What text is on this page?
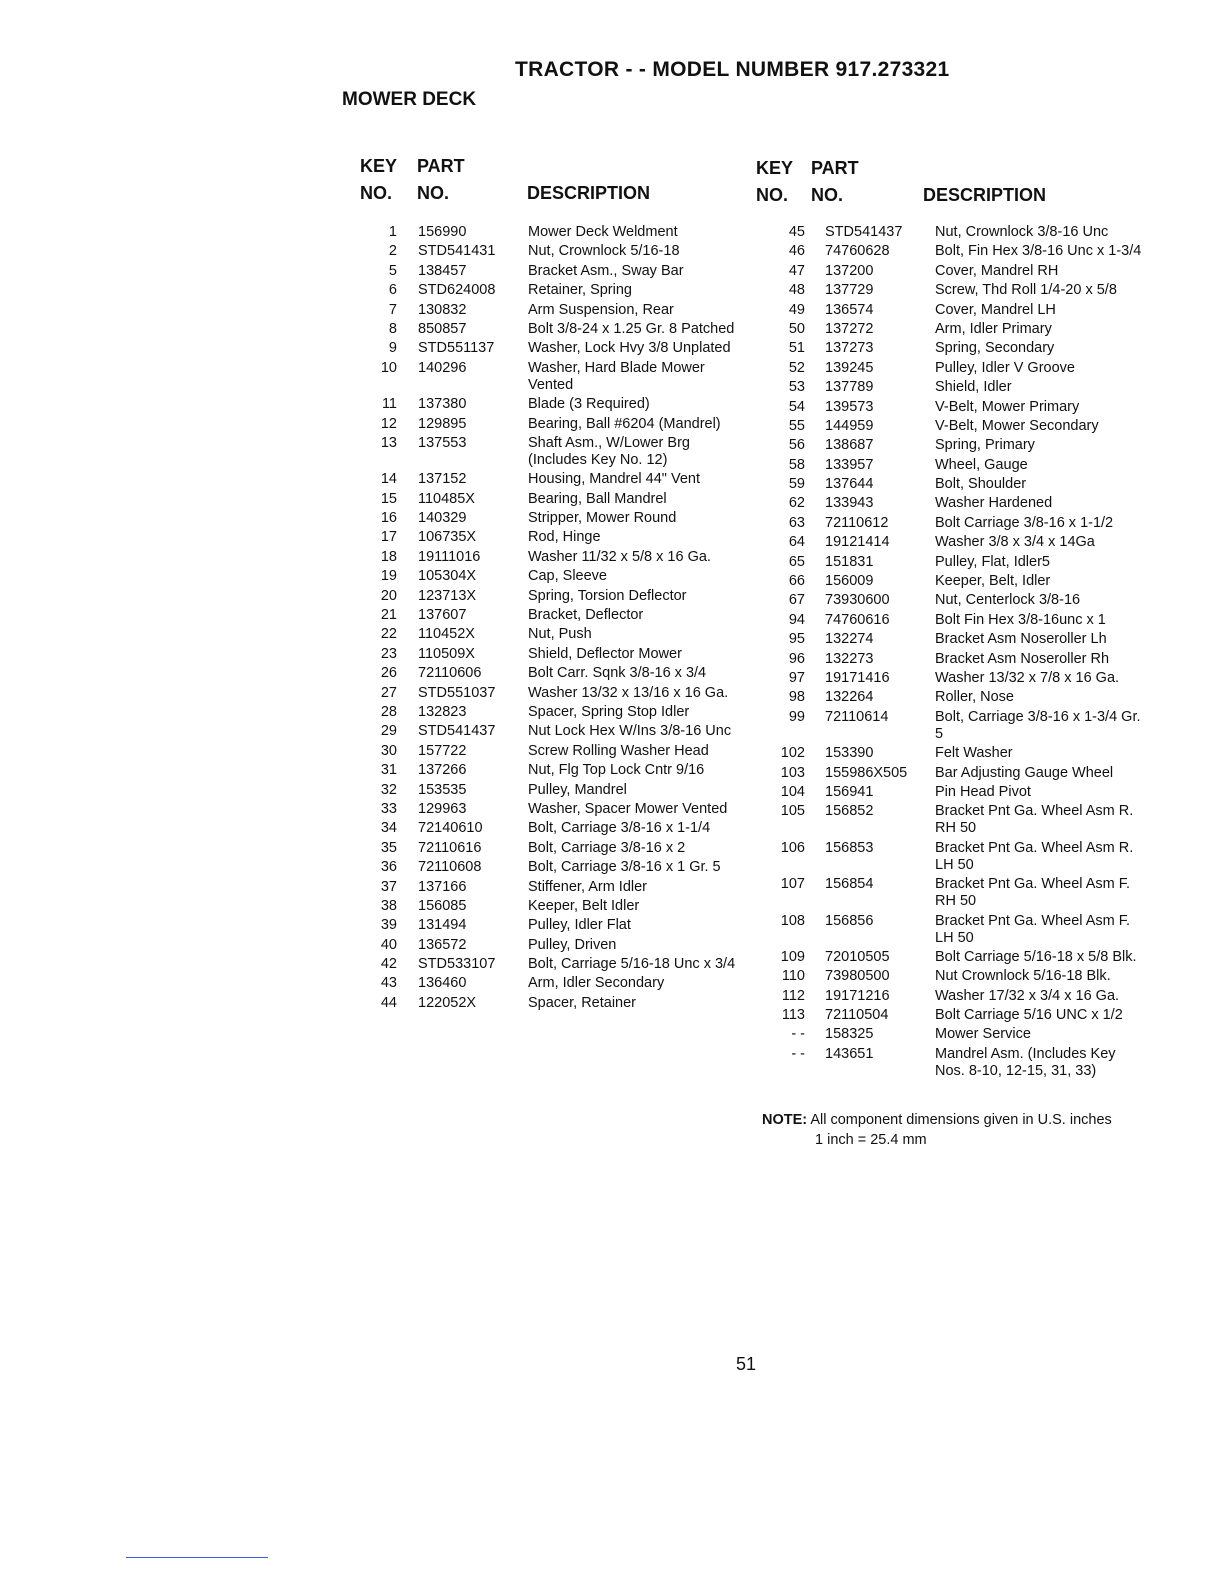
TRACTOR - - MODEL NUMBER 917.273321
MOWER DECK
KEY
NO.
PART
NO.	DESCRIPTION
1 156990	Mower Deck Weldment
2 STD541431	Nut, Crownlock 5/16-18
5 138457	Bracket Asm., Sway Bar
6 STD624008	Retainer, Spring
7 130832	Arm Suspension, Rear
8 850857	Bolt 3/8-24 x 1.25 Gr. 8 Patched
9 STD551137	Washer, Lock Hvy 3/8 Unplated
10 140296	Washer, Hard Blade Mower Vented
11 137380	Blade (3 Required)
12 129895	Bearing, Ball #6204 (Mandrel)
13 137553	Shaft Asm., W/Lower Brg (Includes Key No. 12)
14 137152	Housing, Mandrel 44" Vent
15 110485X	Bearing, Ball Mandrel
16 140329	Stripper, Mower Round
17 106735X	Rod, Hinge
18 19111016	Washer 11/32 x 5/8 x 16 Ga.
19 105304X	Cap, Sleeve
20 123713X	Spring, Torsion Deflector
21 137607	Bracket, Deflector
22 110452X	Nut, Push
23 110509X	Shield, Deflector Mower
26 72110606	Bolt Carr. Sqnk 3/8-16 x 3/4
27 STD551037	Washer 13/32 x 13/16 x 16 Ga.
28 132823	Spacer, Spring Stop Idler
29 STD541437	Nut Lock Hex W/Ins 3/8-16 Unc
30 157722	Screw Rolling Washer Head
31 137266	Nut, Flg Top Lock Cntr 9/16
32 153535	Pulley, Mandrel
33 129963	Washer, Spacer Mower Vented
34 72140610	Bolt, Carriage 3/8-16 x 1-1/4
35 72110616	Bolt, Carriage 3/8-16 x 2
36 72110608	Bolt, Carriage 3/8-16 x 1 Gr. 5
37 137166	Stiffener, Arm Idler
38 156085	Keeper, Belt Idler
39 131494	Pulley, Idler Flat
40 136572	Pulley, Driven
42 STD533107	Bolt, Carriage 5/16-18 Unc x 3/4
43 136460	Arm, Idler Secondary
44 122052X	Spacer, Retainer
KEY
NO.
PART
NO.	DESCRIPTION
45 STD541437	Nut, Crownlock 3/8-16 Unc
46 74760628	Bolt, Fin Hex 3/8-16 Unc x 1-3/4
47 137200	Cover, Mandrel RH
48 137729	Screw, Thd Roll 1/4-20 x 5/8
49 136574	Cover, Mandrel LH
50 137272	Arm, Idler Primary
51 137273	Spring, Secondary
52 139245	Pulley, Idler V Groove
53 137789	Shield, Idler
54 139573	V-Belt, Mower Primary
55 144959	V-Belt, Mower Secondary
56 138687	Spring, Primary
58 133957	Wheel, Gauge
59 137644	Bolt, Shoulder
62 133943	Washer Hardened
63 72110612	Bolt Carriage 3/8-16 x 1-1/2
64 19121414	Washer 3/8 x 3/4 x 14Ga
65 151831	Pulley, Flat, Idler5
66 156009	Keeper, Belt, Idler
67 73930600	Nut, Centerlock 3/8-16
94 74760616	Bolt Fin Hex 3/8-16unc x 1
95 132274	Bracket Asm Noseroller Lh
96 132273	Bracket Asm Noseroller Rh
97 19171416	Washer 13/32 x 7/8 x 16 Ga.
98 132264	Roller, Nose
99 72110614	Bolt, Carriage 3/8-16 x 1-3/4 Gr. 5
102 153390	Felt Washer
103 155986X505	Bar Adjusting Gauge Wheel
104 156941	Pin Head Pivot
105 156852	Bracket Pnt Ga. Wheel Asm R. RH 50
106 156853	Bracket Pnt Ga. Wheel Asm R. LH 50
107 156854	Bracket Pnt Ga. Wheel Asm F. RH 50
108 156856	Bracket Pnt Ga. Wheel Asm F. LH 50
109 72010505	Bolt Carriage 5/16-18 x 5/8 Blk.
110 73980500	Nut Crownlock 5/16-18 Blk.
112 19171216	Washer 17/32 x 3/4 x 16 Ga.
113 72110504	Bolt Carriage 5/16 UNC x 1/2
- - 158325	Mower Service
- - 143651	Mandrel Asm. (Includes Key Nos. 8-10, 12-15, 31, 33)
NOTE: All component dimensions given in U.S. inches
1 inch = 25.4 mm
51
